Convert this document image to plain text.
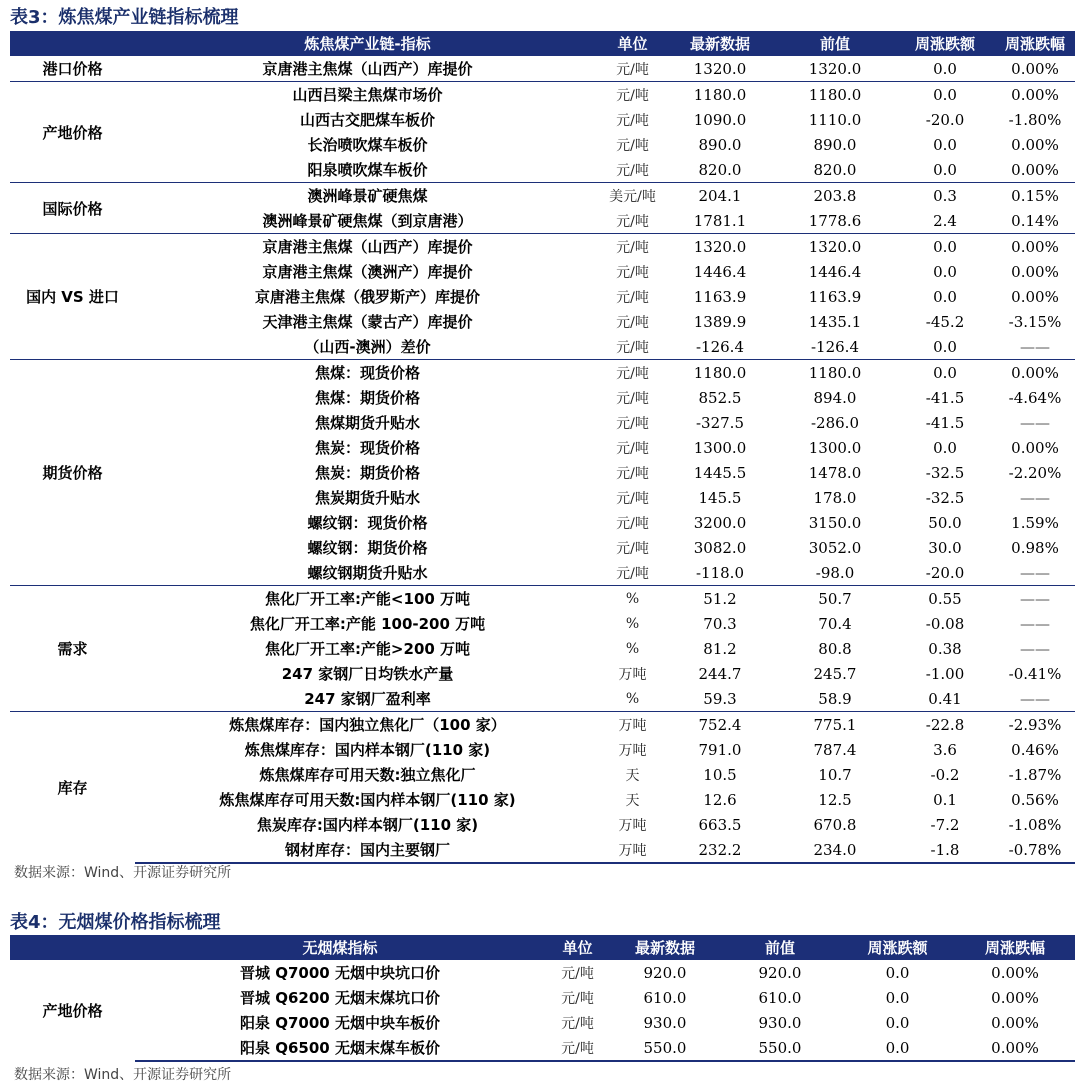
表3：炼焦煤产业链指标梳理
	炼焦煤产业链-指标	单位	最新数据	前值	周涨跌额	周涨跌幅
港口价格	京唐港主焦煤（山西产）库提价	元/吨	1320.0	1320.0	0.0	0.00%
产地价格	山西吕梁主焦煤市场价	元/吨	1180.0	1180.0	0.0	0.00%
	山西古交肥煤车板价	元/吨	1090.0	1110.0	-20.0	-1.80%
	长治喷吹煤车板价	元/吨	890.0	890.0	0.0	0.00%
	阳泉喷吹煤车板价	元/吨	820.0	820.0	0.0	0.00%
国际价格	澳洲峰景矿硬焦煤	美元/吨	204.1	203.8	0.3	0.15%
	澳洲峰景矿硬焦煤（到京唐港）	元/吨	1781.1	1778.6	2.4	0.14%
国内 VS 进口	京唐港主焦煤（山西产）库提价	元/吨	1320.0	1320.0	0.0	0.00%
	京唐港主焦煤（澳洲产）库提价	元/吨	1446.4	1446.4	0.0	0.00%
	京唐港主焦煤（俄罗斯产）库提价	元/吨	1163.9	1163.9	0.0	0.00%
	天津港主焦煤（蒙古产）库提价	元/吨	1389.9	1435.1	-45.2	-3.15%
	（山西-澳洲）差价	元/吨	-126.4	-126.4	0.0	——
期货价格	焦煤：现货价格	元/吨	1180.0	1180.0	0.0	0.00%
	焦煤：期货价格	元/吨	852.5	894.0	-41.5	-4.64%
	焦煤期货升贴水	元/吨	-327.5	-286.0	-41.5	——
	焦炭：现货价格	元/吨	1300.0	1300.0	0.0	0.00%
	焦炭：期货价格	元/吨	1445.5	1478.0	-32.5	-2.20%
	焦炭期货升贴水	元/吨	145.5	178.0	-32.5	——
	螺纹钢：现货价格	元/吨	3200.0	3150.0	50.0	1.59%
	螺纹钢：期货价格	元/吨	3082.0	3052.0	30.0	0.98%
	螺纹钢期货升贴水	元/吨	-118.0	-98.0	-20.0	——
需求	焦化厂开工率:产能<100 万吨	%	51.2	50.7	0.55	——
	焦化厂开工率:产能 100-200 万吨	%	70.3	70.4	-0.08	——
	焦化厂开工率:产能>200 万吨	%	81.2	80.8	0.38	——
	247 家钢厂日均铁水产量	万吨	244.7	245.7	-1.00	-0.41%
	247 家钢厂盈利率	%	59.3	58.9	0.41	——
库存	炼焦煤库存：国内独立焦化厂（100 家）	万吨	752.4	775.1	-22.8	-2.93%
	炼焦煤库存：国内样本钢厂(110 家)	万吨	791.0	787.4	3.6	0.46%
	炼焦煤库存可用天数:独立焦化厂	天	10.5	10.7	-0.2	-1.87%
	炼焦煤库存可用天数:国内样本钢厂(110 家)	天	12.6	12.5	0.1	0.56%
	焦炭库存:国内样本钢厂(110 家)	万吨	663.5	670.8	-7.2	-1.08%
	钢材库存：国内主要钢厂	万吨	232.2	234.0	-1.8	-0.78%
数据来源：Wind、开源证券研究所
表4：无烟煤价格指标梳理
	无烟煤指标	单位	最新数据	前值	周涨跌额	周涨跌幅
产地价格	晋城 Q7000 无烟中块坑口价	元/吨	920.0	920.0	0.0	0.00%
	晋城 Q6200 无烟末煤坑口价	元/吨	610.0	610.0	0.0	0.00%
	阳泉 Q7000 无烟中块车板价	元/吨	930.0	930.0	0.0	0.00%
	阳泉 Q6500 无烟末煤车板价	元/吨	550.0	550.0	0.0	0.00%
数据来源：Wind、开源证券研究所
